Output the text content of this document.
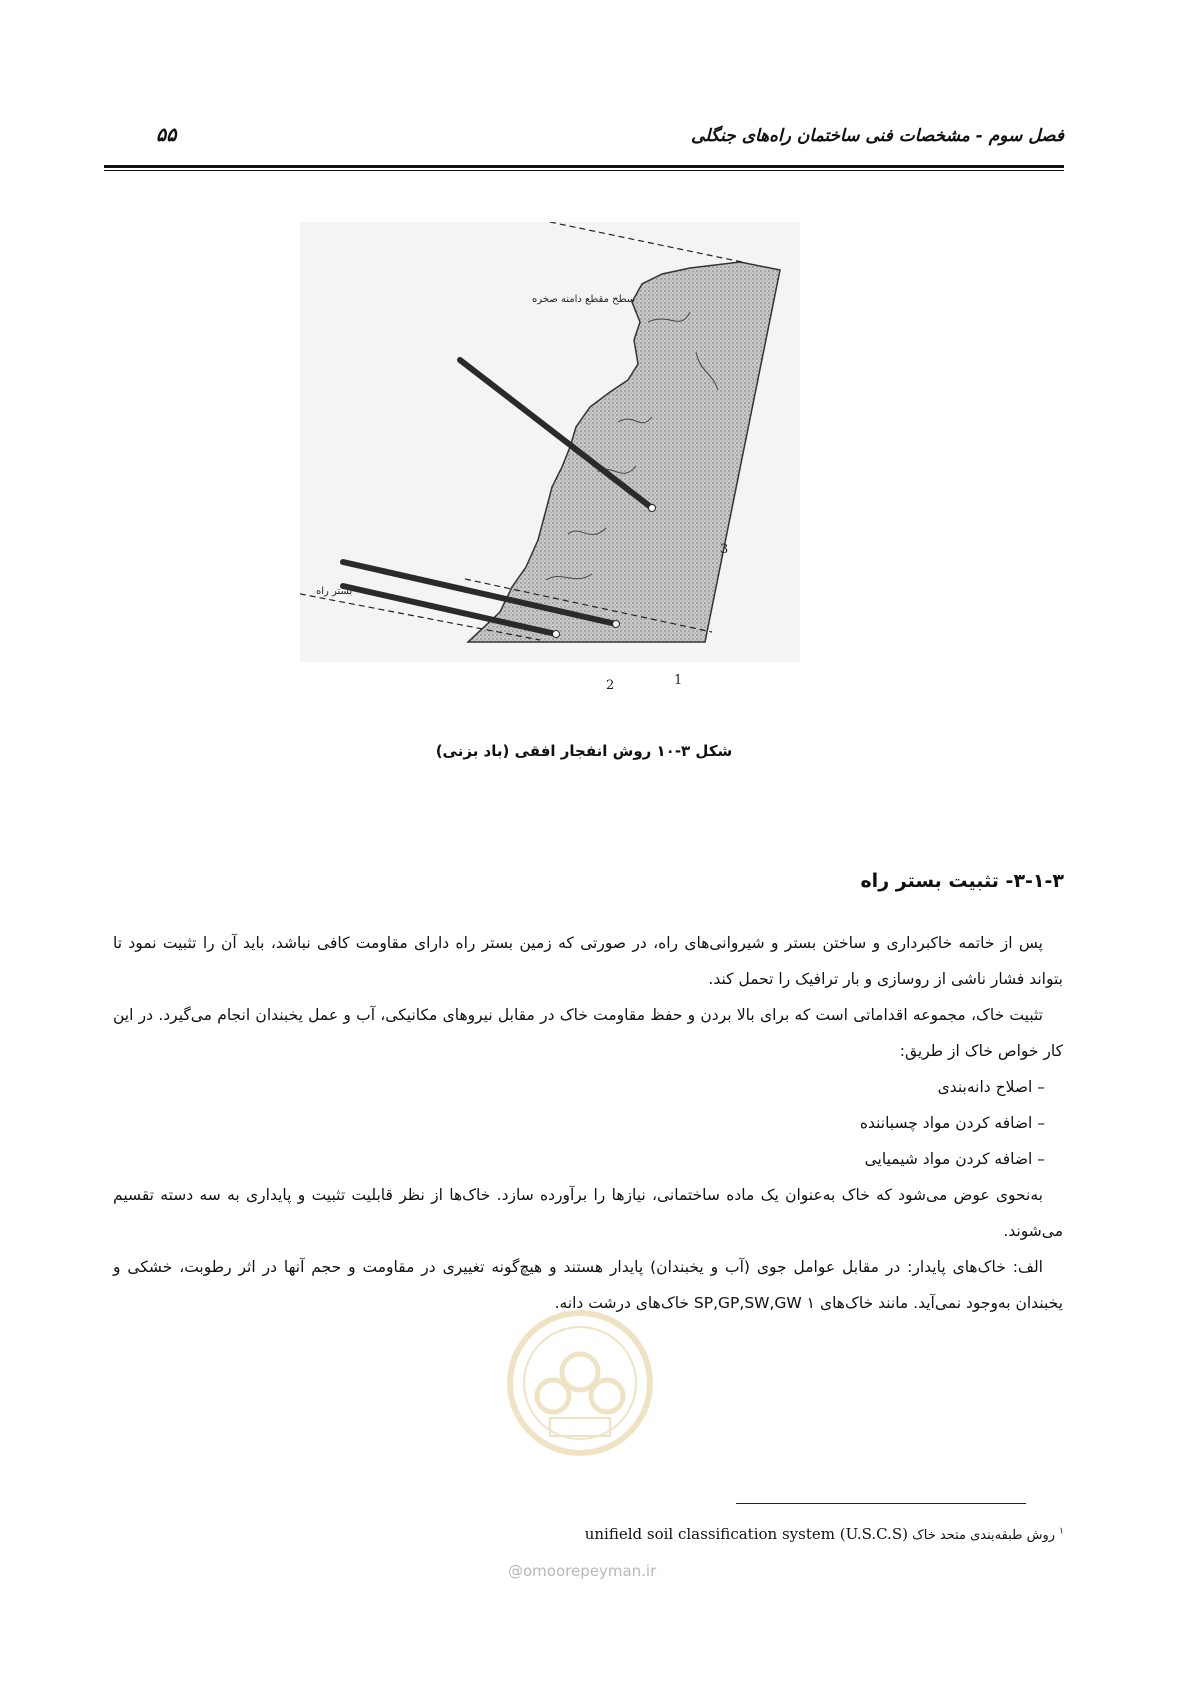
فصل سوم - مشخصات فنی ساختمان راه‌های جنگلی
۵۵
سطح مقطع دامنه صخره
بستر راه
1
2
3
شکل ۳-۱۰ روش انفجار افقی (باد بزنی)
۳-۱-۳- تثبیت بستر راه

پس از خاتمه خاکبرداری و ساختن بستر و شیروانی‌های راه، در صورتی که زمین بستر راه دارای مقاومت کافی نباشد، باید آن را تثبیت نمود تا بتواند فشار ناشی از روسازی و بار ترافیک را تحمل کند.

تثبیت خاک، مجموعه اقداماتی است که برای بالا بردن و حفظ مقاومت خاک در مقابل نیروهای مکانیکی، آب و عمل یخبندان انجام می‌گیرد. در این کار خواص خاک از طریق:

– اصلاح دانه‌بندی

– اضافه کردن مواد چسباننده

– اضافه کردن مواد شیمیایی

به‌نحوی عوض می‌شود که خاک به‌عنوان یک ماده ساختمانی، نیازها را برآورده سازد. خاک‌ها از نظر قابلیت تثبیت و پایداری به سه دسته تقسیم می‌شوند.

الف: خاک‌های پایدار: در مقابل عوامل جوی (آب و یخبندان) پایدار هستند و هیچ‌گونه تغییری در مقاومت و حجم آنها در اثر رطوبت، خشکی و یخبندان به‌وجود نمی‌آید. مانند خاک‌های SP,GP,SW,GW ۱ خاک‌های درشت دانه.

$^۱$ روش طبقه‌بندی متحد خاک unifield soil classification system (U.S.C.S)
@omoorepeyman.ir
